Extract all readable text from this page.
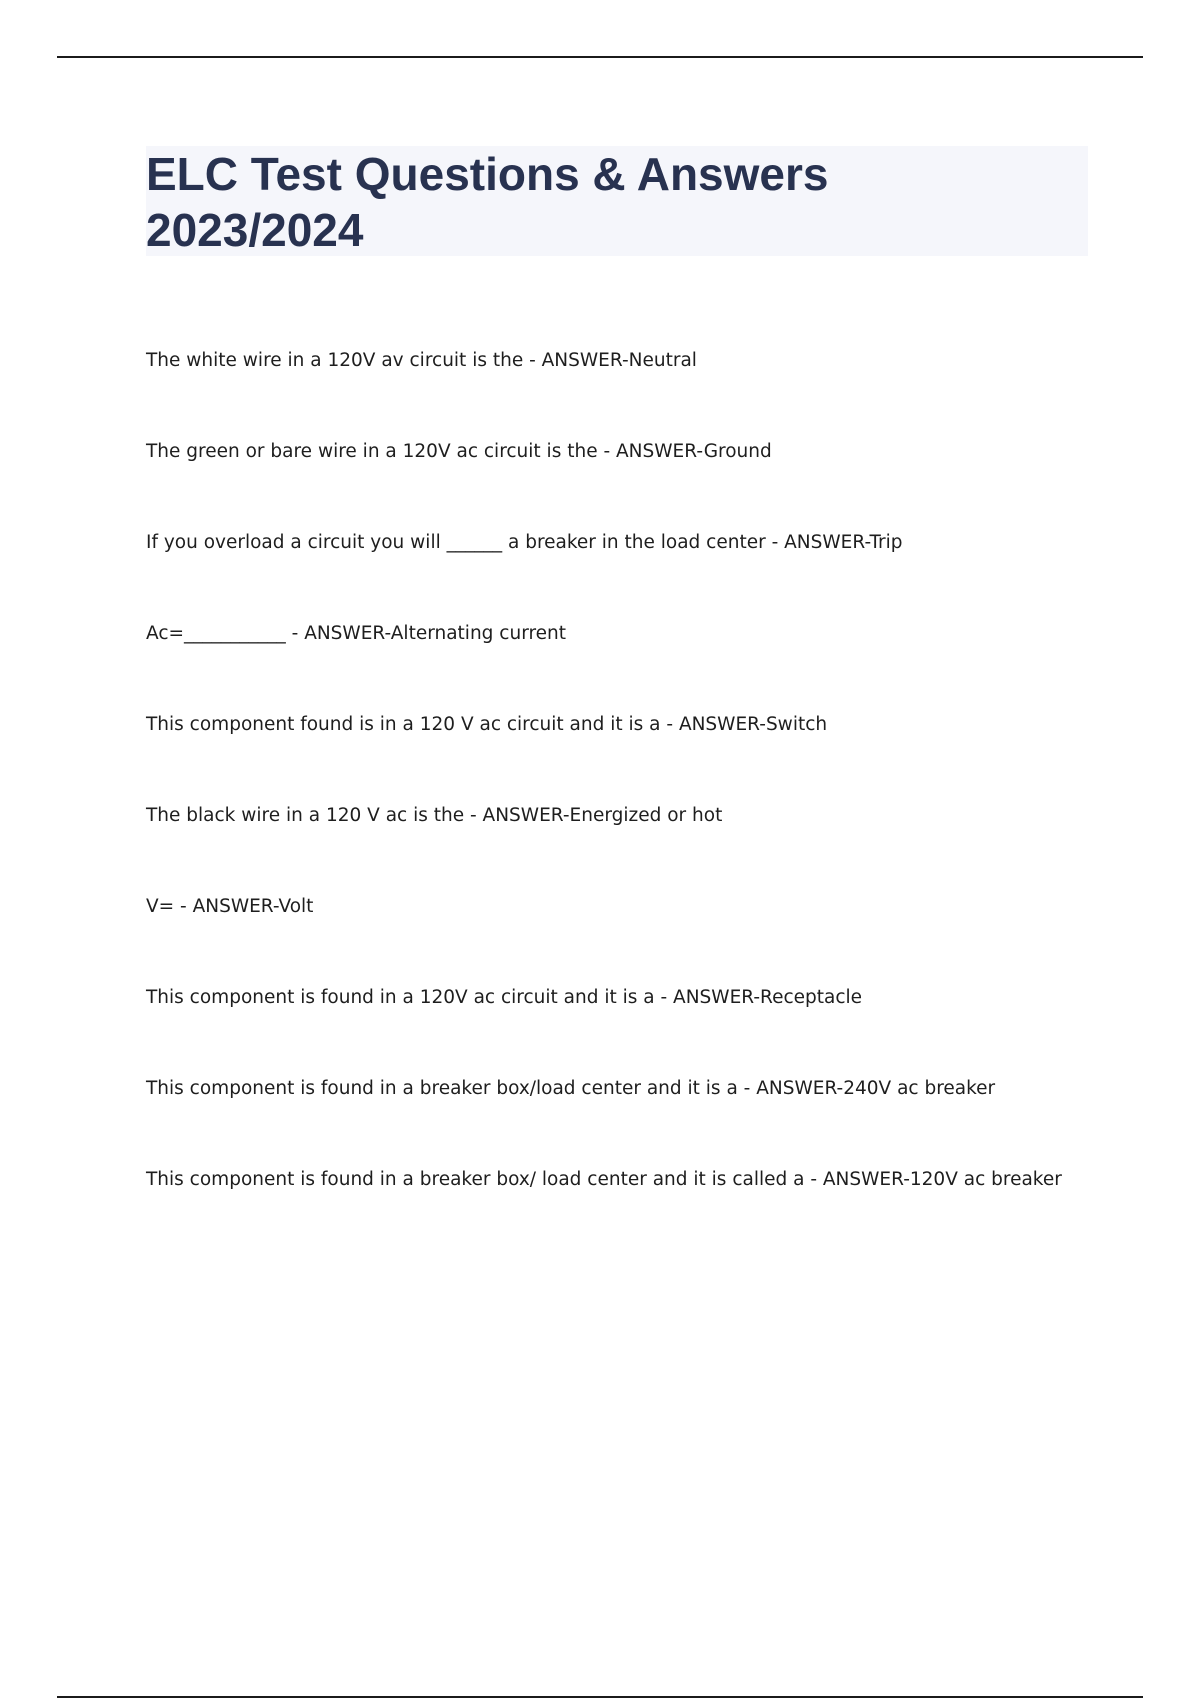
ELC Test Questions & Answers 2023/2024
The white wire in a 120V av circuit is the - ANSWER-Neutral
The green or bare wire in a 120V ac circuit is the - ANSWER-Ground
If you overload a circuit you will ______ a breaker in the load center - ANSWER-Trip
Ac=___________ - ANSWER-Alternating current
This component found is in a 120 V ac circuit and it is a - ANSWER-Switch
The black wire in a 120 V ac is the - ANSWER-Energized or hot
V= - ANSWER-Volt
This component is found in a 120V ac circuit and it is a - ANSWER-Receptacle
This component is found in a breaker box/load center and it is a - ANSWER-240V ac breaker
This component is found in a breaker box/ load center and it is called a - ANSWER-120V ac breaker
